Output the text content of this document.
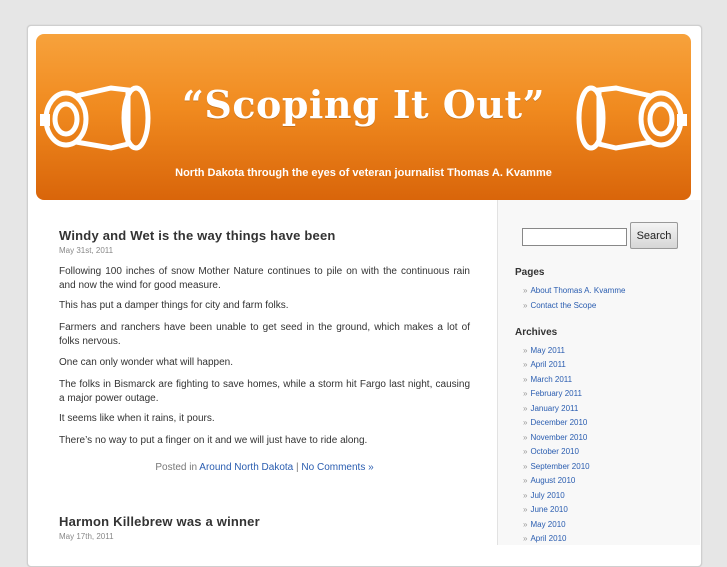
“Scoping It Out”
North Dakota through the eyes of veteran journalist Thomas A. Kvamme
Windy and Wet is the way things have been
May 31st, 2011

Following 100 inches of snow Mother Nature continues to pile on with the continuous rain and now the wind for good measure.

This has put a damper things for city and farm folks.

Farmers and ranchers have been unable to get seed in the ground, which makes a lot of folks nervous.

One can only wonder what will happen.

The folks in Bismarck are fighting to save homes, while a storm hit Fargo last night, causing a major power outage.

It seems like when it rains, it pours.

There’s no way to put a finger on it and we will just have to ride along.

Posted in Around North Dakota | No Comments »
Harmon Killebrew was a winner
May 17th, 2011
Search
Pages
» About Thomas A. Kvamme
» Contact the Scope
Archives
» May 2011
» April 2011
» March 2011
» February 2011
» January 2011
» December 2010
» November 2010
» October 2010
» September 2010
» August 2010
» July 2010
» June 2010
» May 2010
» April 2010
